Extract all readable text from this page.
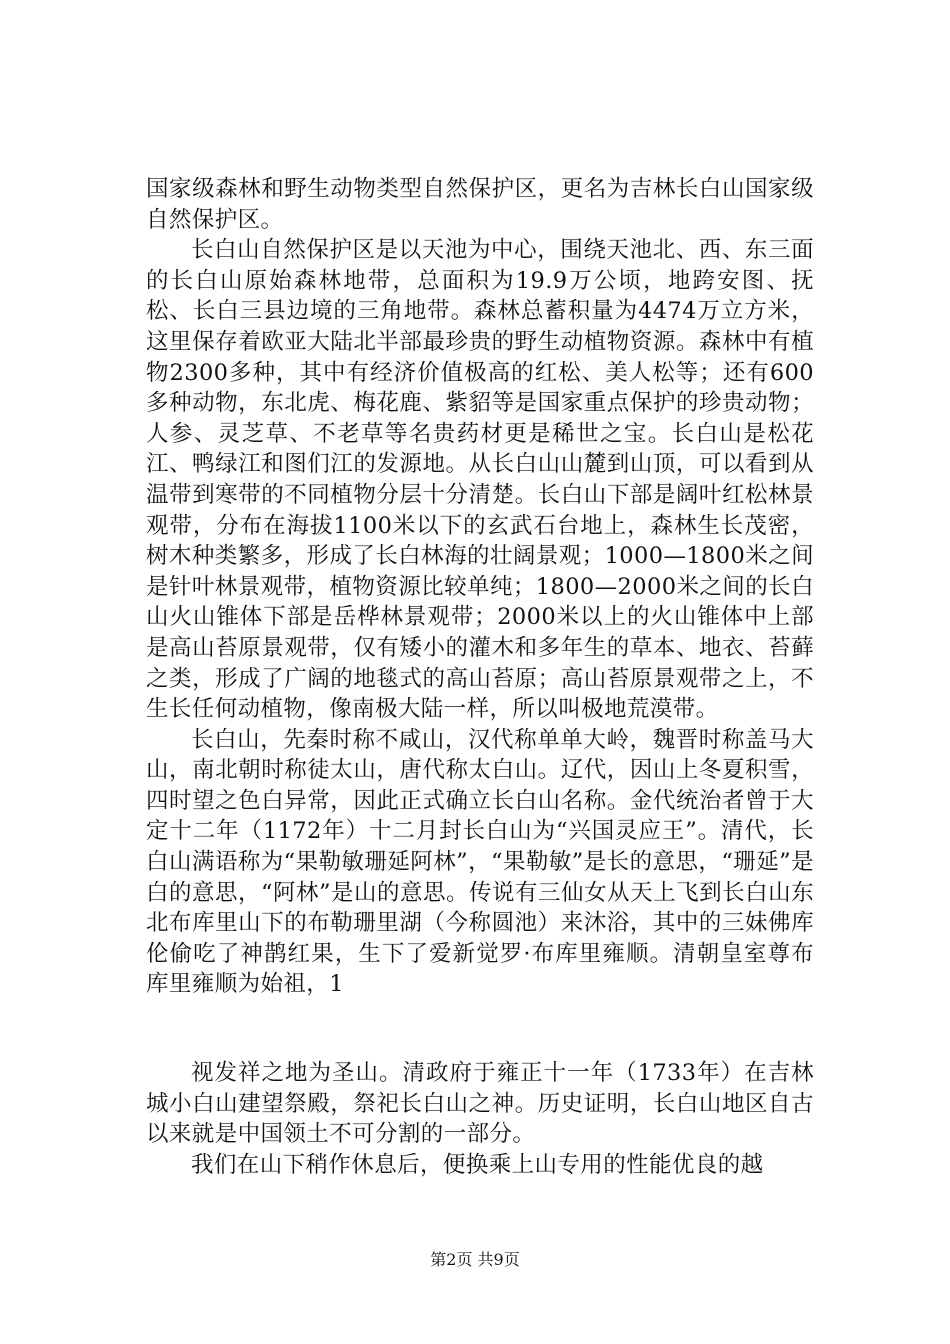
国家级森林和野生动物类型自然保护区，更名为吉林长白山国家级自然保护区。

长白山自然保护区是以天池为中心，围绕天池北、西、东三面的长白山原始森林地带，总面积为19.9万公顷，地跨安图、抚松、长白三县边境的三角地带。森林总蓄积量为4474万立方米，这里保存着欧亚大陆北半部最珍贵的野生动植物资源。森林中有植物2300多种，其中有经济价值极高的红松、美人松等；还有600多种动物，东北虎、梅花鹿、紫貂等是国家重点保护的珍贵动物；人参、灵芝草、不老草等名贵药材更是稀世之宝。长白山是松花江、鸭绿江和图们江的发源地。从长白山山麓到山顶，可以看到从温带到寒带的不同植物分层十分清楚。长白山下部是阔叶红松林景观带，分布在海拔1100米以下的玄武石台地上，森林生长茂密，树木种类繁多，形成了长白林海的壮阔景观；1000—1800米之间是针叶林景观带，植物资源比较单纯；1800—2000米之间的长白山火山锥体下部是岳桦林景观带；2000米以上的火山锥体中上部是高山苔原景观带，仅有矮小的灌木和多年生的草本、地衣、苔藓之类，形成了广阔的地毯式的高山苔原；高山苔原景观带之上，不生长任何动植物，像南极大陆一样，所以叫极地荒漠带。

长白山，先秦时称不咸山，汉代称单单大岭，魏晋时称盖马大山，南北朝时称徒太山，唐代称太白山。辽代，因山上冬夏积雪，四时望之色白异常，因此正式确立长白山名称。金代统治者曾于大定十二年（1172年）十二月封长白山为“兴国灵应王”。清代，长白山满语称为“果勒敏珊延阿林”，“果勒敏”是长的意思，“珊延”是白的意思，“阿林”是山的意思。传说有三仙女从天上飞到长白山东北布库里山下的布勒珊里湖（今称圆池）来沐浴，其中的三妹佛库伦偷吃了神鹊红果，生下了爱新觉罗·布库里雍顺。清朝皇室尊布库里雍顺为始祖，1

视发祥之地为圣山。清政府于雍正十一年（1733年）在吉林城小白山建望祭殿，祭祀长白山之神。历史证明，长白山地区自古以来就是中国领土不可分割的一部分。

我们在山下稍作休息后，便换乘上山专用的性能优良的越

第2页 共9页
